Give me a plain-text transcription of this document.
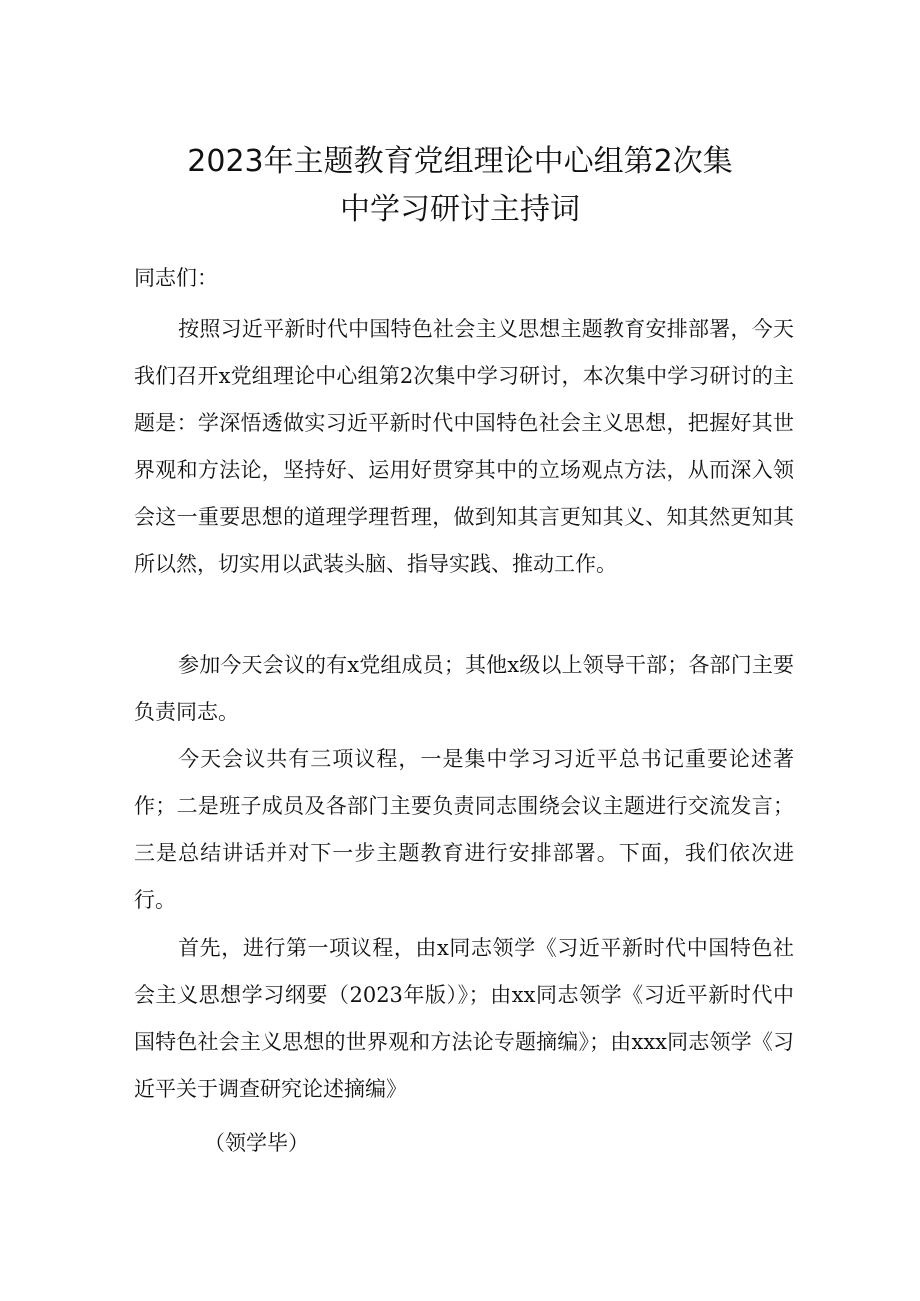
2023年主题教育党组理论中心组第2次集
中学习研讨主持词

同志们：

按照习近平新时代中国特色社会主义思想主题教育安排部署，今天我们召开x党组理论中心组第2次集中学习研讨，本次集中学习研讨的主题是：学深悟透做实习近平新时代中国特色社会主义思想，把握好其世界观和方法论，坚持好、运用好贯穿其中的立场观点方法，从而深入领会这一重要思想的道理学理哲理，做到知其言更知其义、知其然更知其所以然，切实用以武装头脑、指导实践、推动工作。

参加今天会议的有x党组成员；其他x级以上领导干部；各部门主要负责同志。

今天会议共有三项议程，一是集中学习习近平总书记重要论述著作；二是班子成员及各部门主要负责同志围绕会议主题进行交流发言；三是总结讲话并对下一步主题教育进行安排部署。下面，我们依次进行。

首先，进行第一项议程，由x同志领学《习近平新时代中国特色社会主义思想学习纲要（2023年版）》；由xx同志领学《习近平新时代中国特色社会主义思想的世界观和方法论专题摘编》；由xxx同志领学《习近平关于调查研究论述摘编》

（领学毕）
